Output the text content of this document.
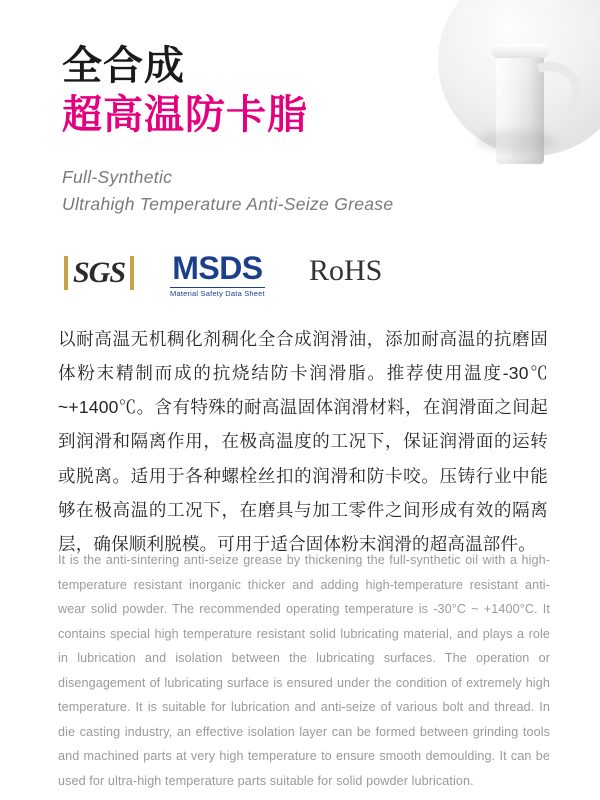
全合成
超高温防卡脂
Full-Synthetic
Ultrahigh Temperature Anti-Seize Grease
SGS MSDS
Material Safety Data Sheet
RoHS
以耐高温无机稠化剂稠化全合成润滑油，添加耐高温的抗磨固体粉末精制而成的抗烧结防卡润滑脂。推荐使用温度-30℃ ~+1400℃。含有特殊的耐高温固体润滑材料，在润滑面之间起到润滑和隔离作用，在极高温度的工况下，保证润滑面的运转或脱离。适用于各种螺栓丝扣的润滑和防卡咬。压铸行业中能够在极高温的工况下，在磨具与加工零件之间形成有效的隔离层，确保顺利脱模。可用于适合固体粉末润滑的超高温部件。
It is the anti-sintering anti-seize grease by thickening the full-synthetic oil with a high-temperature resistant inorganic thicker and adding high-temperature resistant anti-wear solid powder. The recommended operating temperature is -30°C ~ +1400°C. It contains special high temperature resistant solid lubricating material, and plays a role in lubrication and isolation between the lubricating surfaces. The operation or disengagement of lubricating surface is ensured under the condition of extremely high temperature. It is suitable for lubrication and anti-seize of various bolt and thread. In die casting industry, an effective isolation layer can be formed between grinding tools and machined parts at very high temperature to ensure smooth demoulding. It can be used for ultra-high temperature parts suitable for solid powder lubrication.
